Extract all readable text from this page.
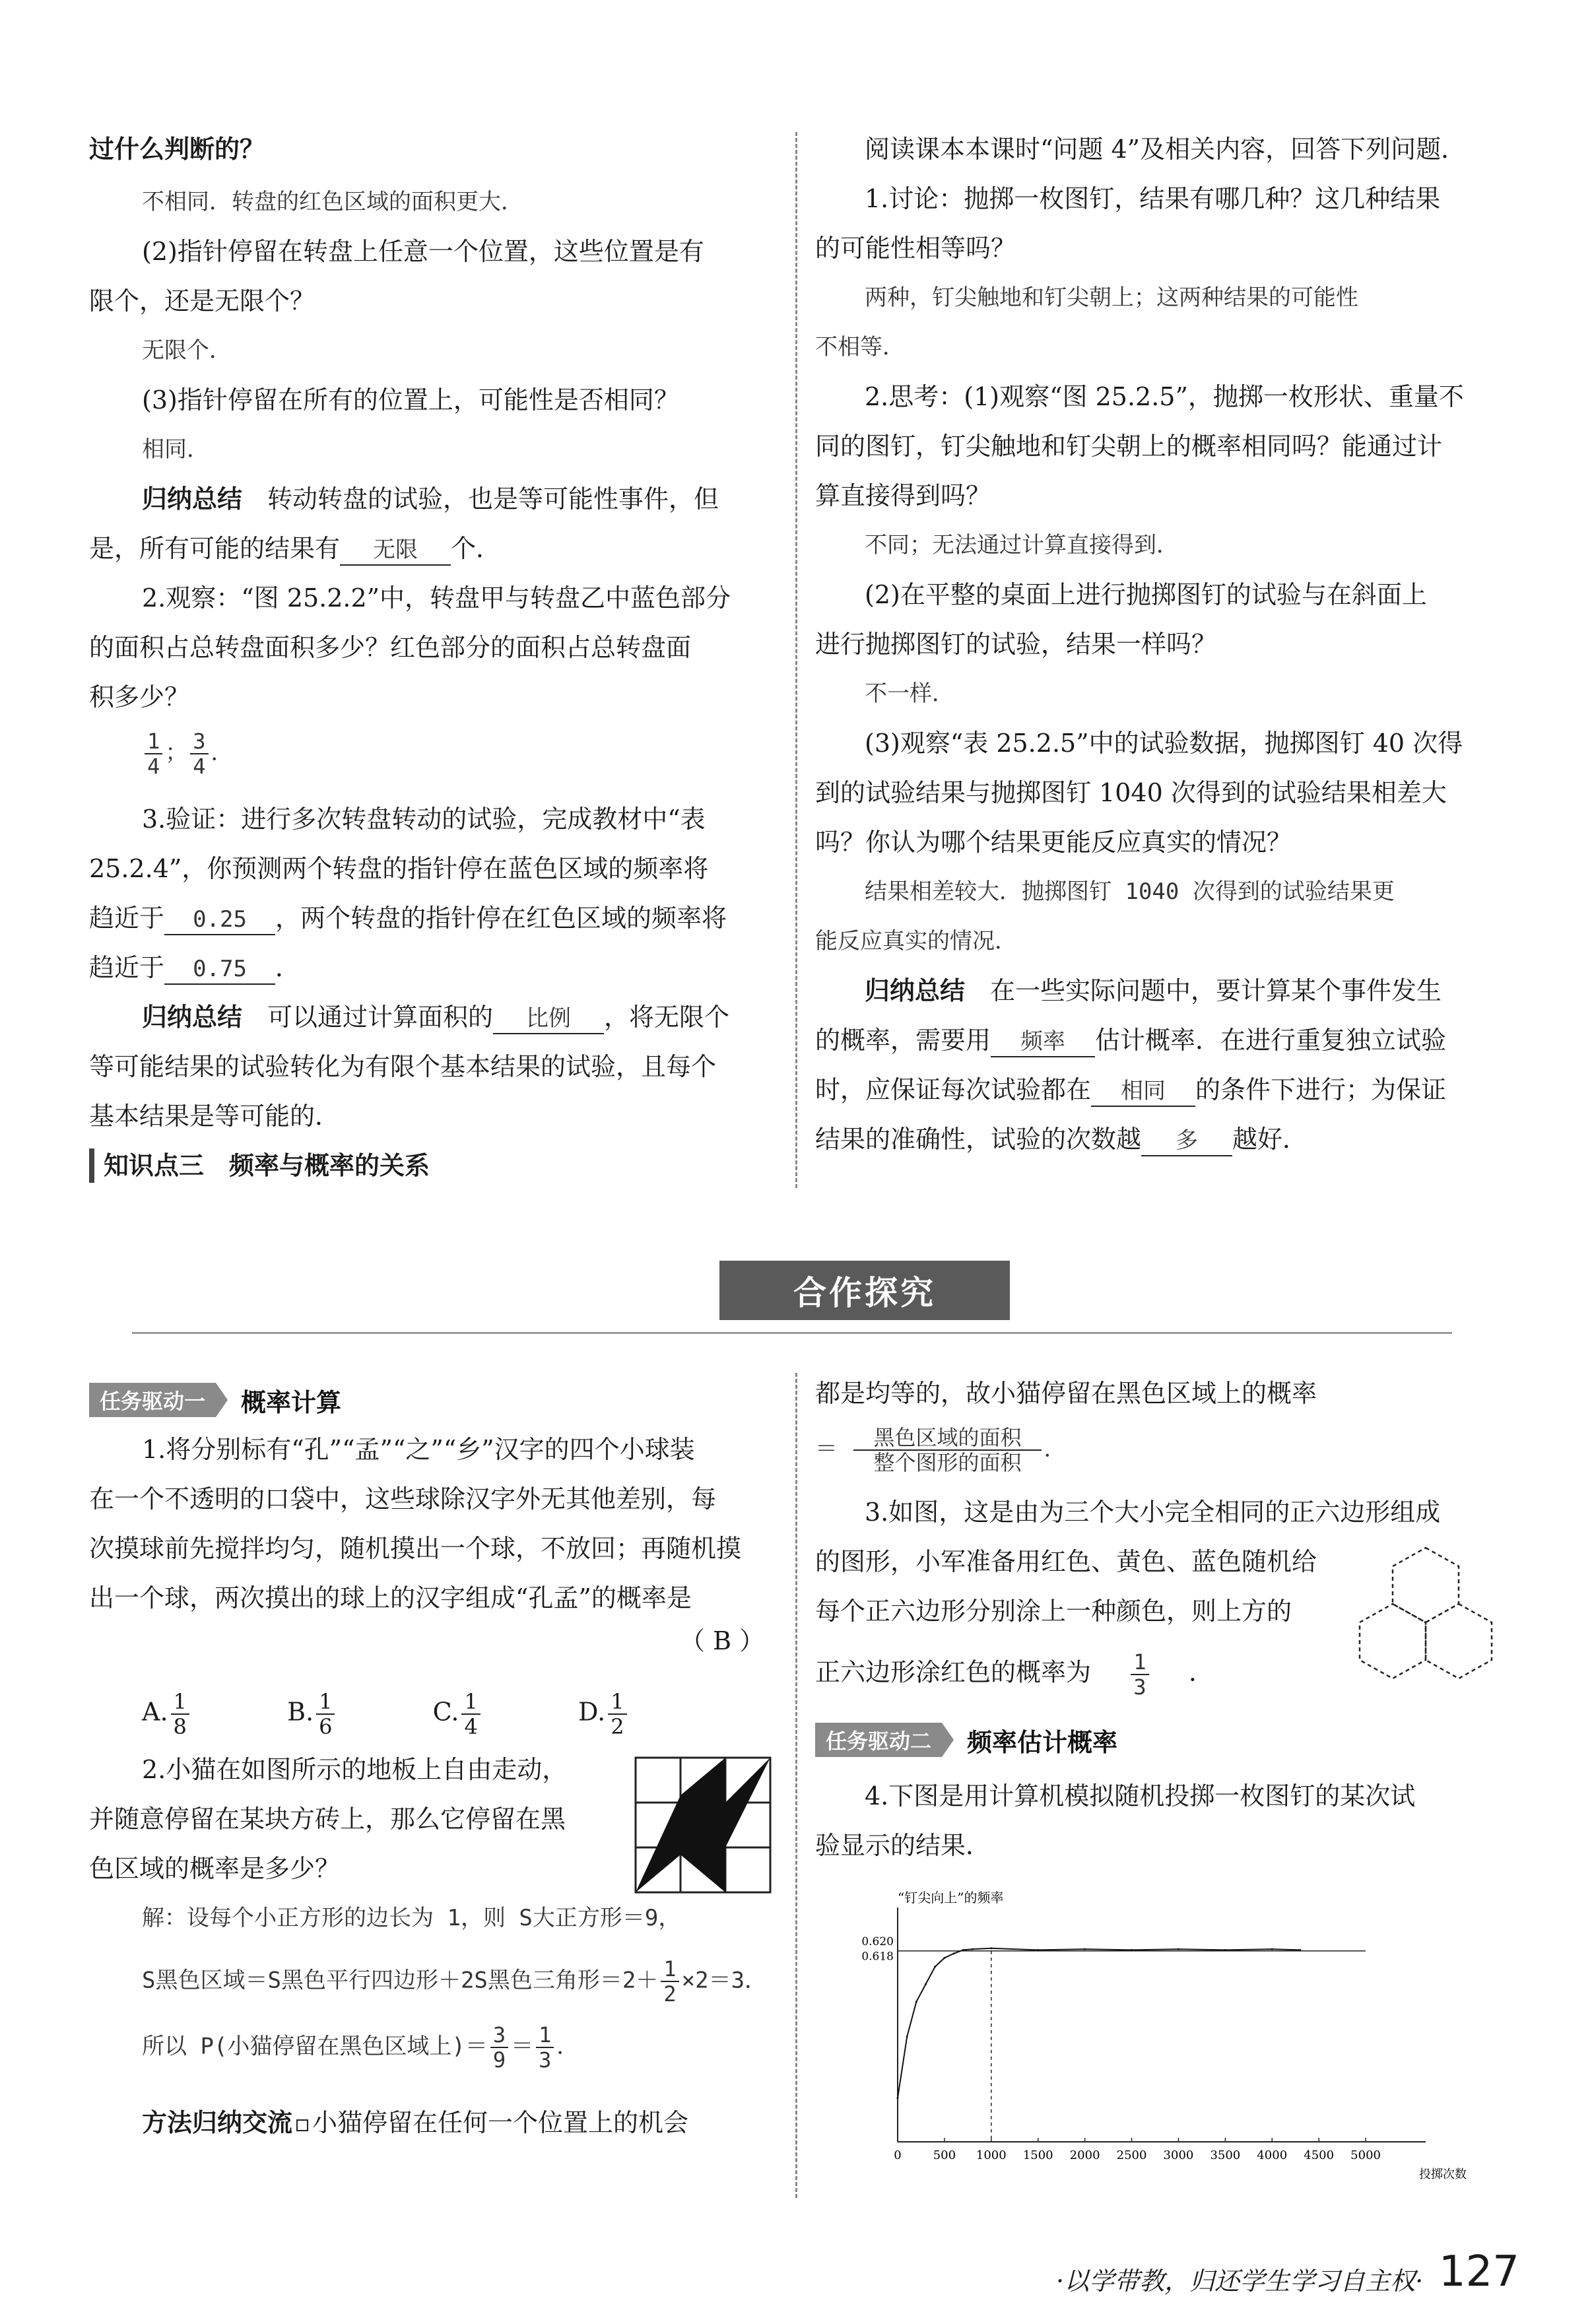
过什么判断的？
不相同．转盘的红色区域的面积更大．
(2)指针停留在转盘上任意一个位置，这些位置是有
限个，还是无限个？
无限个．
(3)指针停留在所有的位置上，可能性是否相同？
相同．
归纳总结　 转动转盘的试验，也是等可能性事件，但
是，所有可能的结果有 无限 个．
2.观察：“图 25.2.2”中，转盘甲与转盘乙中蓝色部分
的面积占总转盘面积多少？红色部分的面积占总转盘面
积多少？
$\frac{1}{4}$ ； $\frac{3}{4}$ ．
3.验证：进行多次转盘转动的试验，完成教材中“表
25.2.4”，你预测两个转盘的指针停在蓝色区域的频率将
趋近于 0.25 ，两个转盘的指针停在红色区域的频率将
趋近于 0.75 ．
归纳总结　 可以通过计算面积的 比例 ，将无限个
等可能结果的试验转化为有限个基本结果的试验，且每个
基本结果是等可能的．
知识点三　频率与概率的关系
阅读课本本课时“问题 4”及相关内容，回答下列问题．
1.讨论：抛掷一枚图钉，结果有哪几种？这几种结果
的可能性相等吗？
两种，钉尖触地和钉尖朝上；这两种结果的可能性
不相等．
2.思考：(1)观察“图 25.2.5”，抛掷一枚形状、重量不
同的图钉，钉尖触地和钉尖朝上的概率相同吗？能通过计
算直接得到吗？
不同；无法通过计算直接得到．
(2)在平整的桌面上进行抛掷图钉的试验与在斜面上
进行抛掷图钉的试验，结果一样吗？
不一样．
(3)观察“表 25.2.5”中的试验数据，抛掷图钉 40 次得
到的试验结果与抛掷图钉 1040 次得到的试验结果相差大
吗？你认为哪个结果更能反应真实的情况？
结果相差较大．抛掷图钉 1040 次得到的试验结果更
能反应真实的情况．
归纳总结　 在一些实际问题中，要计算某个事件发生
的概率，需要用 频率 估计概率．在进行重复独立试验
时，应保证每次试验都在 相同 的条件下进行；为保证
结果的准确性，试验的次数越 多 越好．
合作探究
任务驱动一	概率计算
1.将分别标有“孔”“孟”“之”“乡”汉字的四个小球装
在一个不透明的口袋中，这些球除汉字外无其他差别，每
次摸球前先搅拌均匀，随机摸出一个球，不放回；再随机摸
出一个球，两次摸出的球上的汉字组成“孔孟”的概率是
（ B ）
A. $\frac{1}{8}$	B. $\frac{1}{6}$	C. $\frac{1}{4}$	D. $\frac{1}{2}$
2.小猫在如图所示的地板上自由走动，
并随意停留在某块方砖上，那么它停留在黑
色区域的概率是多少？
解：设每个小正方形的边长为 1，则 S大正方形＝9，
S黑色区域＝S黑色平行四边形＋2S黑色三角形$=2+ \frac{1}{2} \times 2=3$．
所以 P(小猫停留在黑色区域上)＝ $\frac{3}{9} = \frac{1}{3}$ ．
方法归纳交流 小猫停留在任何一个位置上的机会
都是均等的，故小猫停留在黑色区域上的概率
＝ $\frac{\text{黑色区域的面积}}{\text{整个图形的面积}}$ ．
3.如图，这是由为三个大小完全相同的正六边形组成
的图形，小军准备用红色、黄色、蓝色随机给
每个正六边形分别涂上一种颜色，则上方的
正六边形涂红色的概率为 $\frac{1}{3}$ ．
任务驱动二	频率估计概率
4.下图是用计算机模拟随机投掷一枚图钉的某次试
验显示的结果．
“钉尖向上”的频率
投掷次数
0	500 1000 1500 2000 2500 3000 3500 4000 4500 5000
0.620
0.618
·以学带教，归还学生学习自主权· 127
